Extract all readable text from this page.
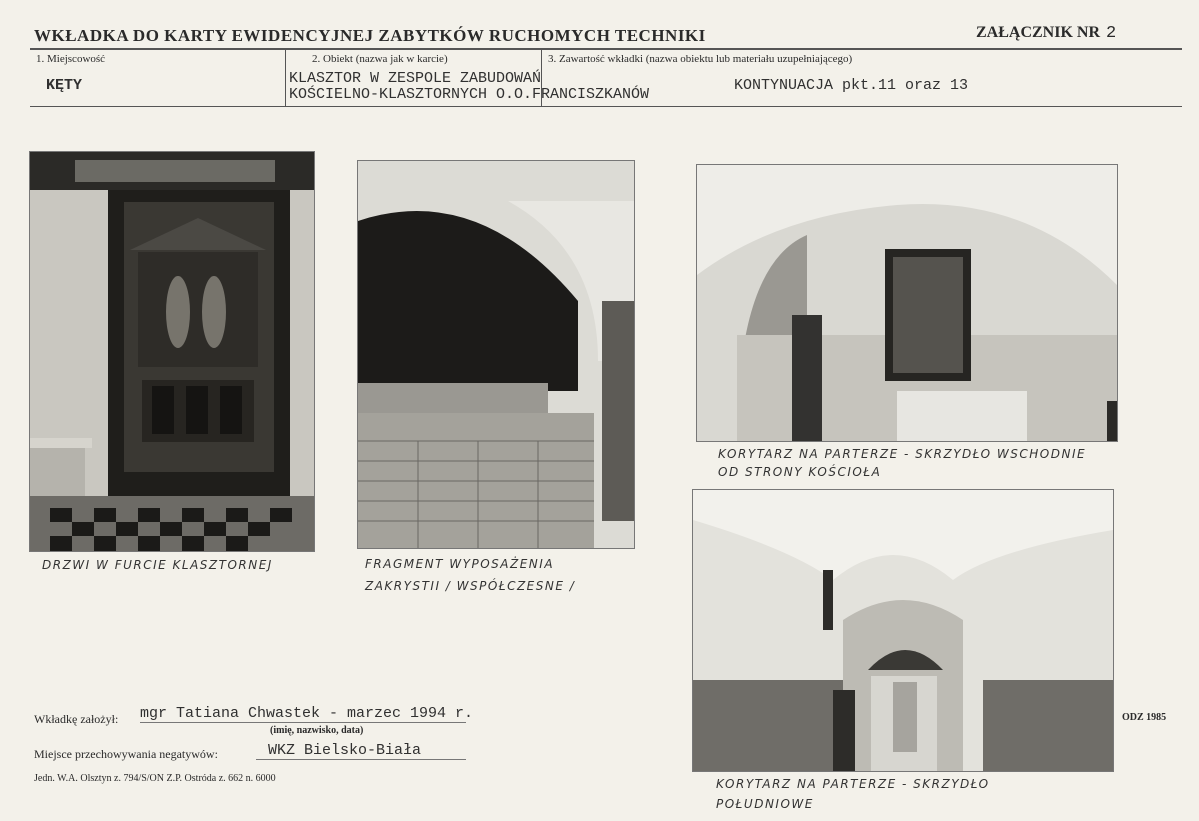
WKŁADKA DO KARTY EWIDENCYJNEJ ZABYTKÓW RUCHOMYCH TECHNIKI	ZAŁĄCZNIK NR 2
1. Miejscowość
KĘTY
2. Obiekt (nazwa jak w karcie)
KLASZTOR W ZESPOLE ZABUDOWAŃ
KOŚCIELNO-KLASZTORNYCH O.O.FRANCISZKANÓW
3. Zawartość wkładki (nazwa obiektu lub materiału uzupełniającego)
KONTYNUACJA pkt.11 oraz 13
DRZWI W FURCIE KLASZTORNEJ	FRAGMENT WYPOSAŻENIA
ZAKRYSTII / WSPÓŁCZESNE /
KORYTARZ NA PARTERZE - SKRZYDŁO WSCHODNIE
OD STRONY KOŚCIOŁA
KORYTARZ NA PARTERZE - SKRZYDŁO
POŁUDNIOWE
Wkładkę założył: mgr Tatiana Chwastek - marzec 1994 r.
(imię, nazwisko, data)
Miejsce przechowywania negatywów:	WKZ Bielsko-Biała
Jedn. W.A. Olsztyn z. 794/S/ON Z.P. Ostróda z. 662 n. 6000
ODZ 1985
